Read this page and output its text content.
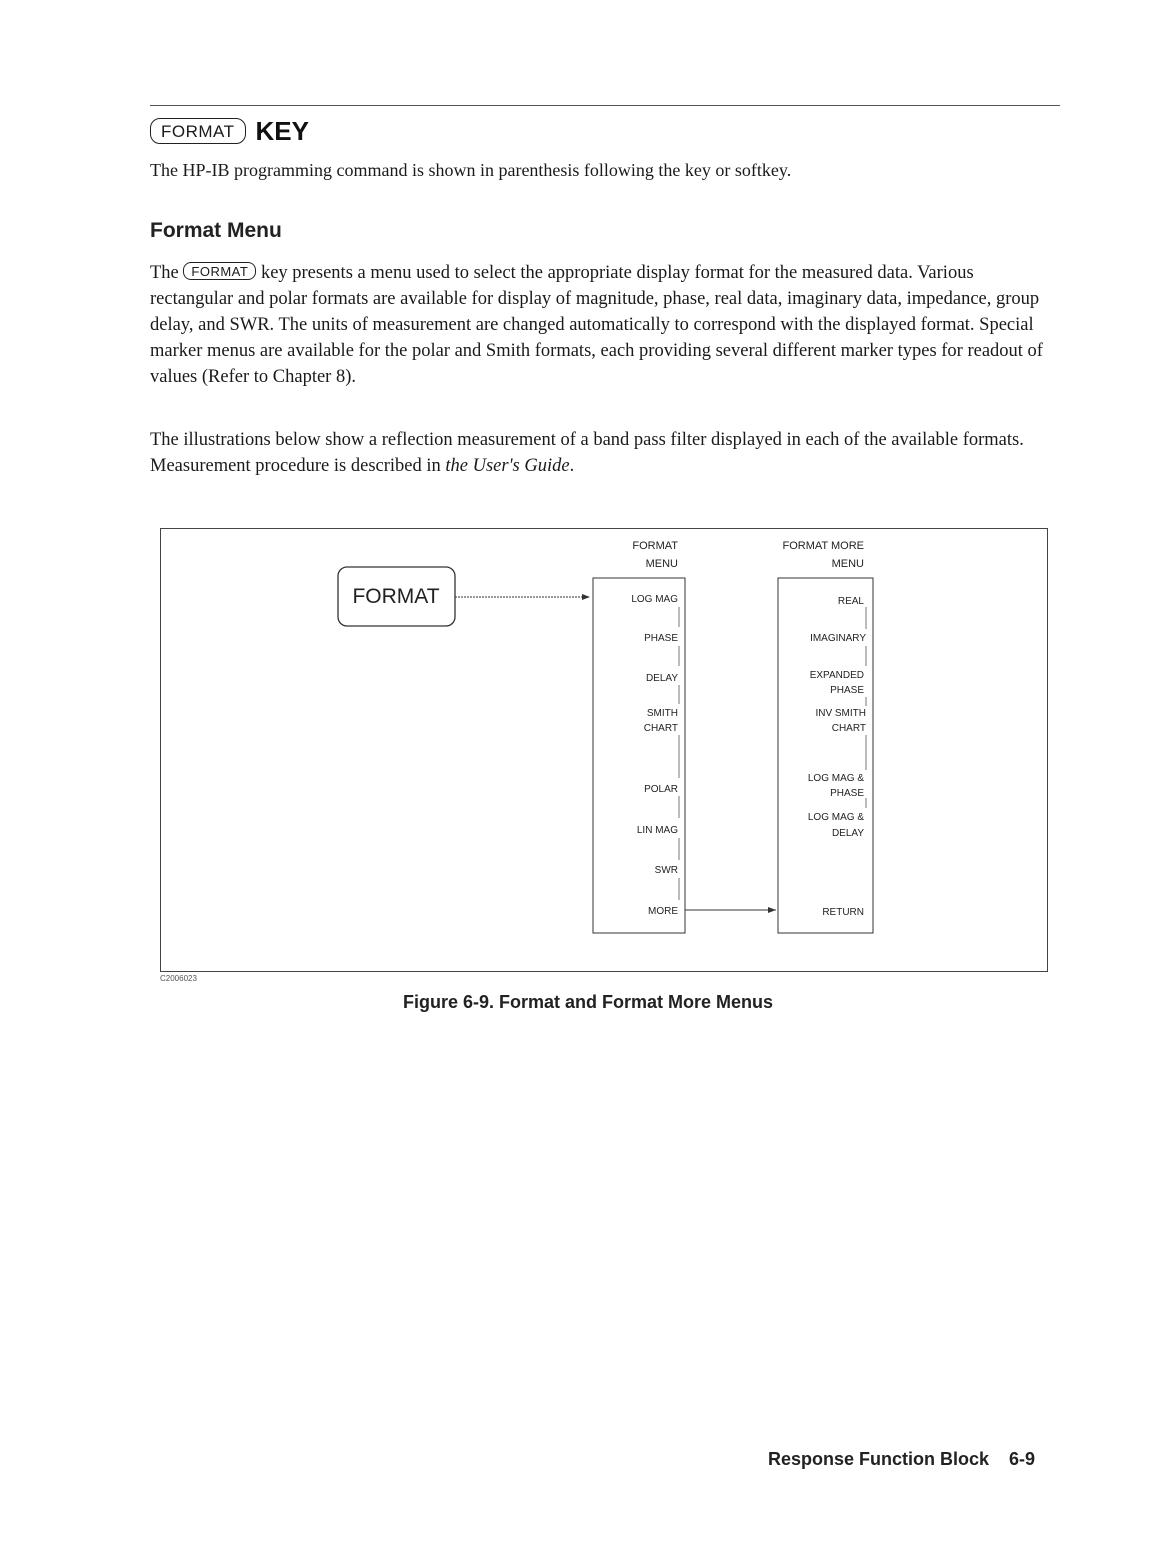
FORMAT KEY
The HP-IB programming command is shown in parenthesis following the key or softkey.
Format Menu

The FORMAT key presents a menu used to select the appropriate display format for the measured data. Various rectangular and polar formats are available for display of magnitude, phase, real data, imaginary data, impedance, group delay, and SWR. The units of measurement are changed automatically to correspond with the displayed format. Special marker menus are available for the polar and Smith formats, each providing several different marker types for readout of values (Refer to Chapter 8).

The illustrations below show a reflection measurement of a band pass filter displayed in each of the available formats. Measurement procedure is described in the User's Guide.

FORMAT
FORMAT
MENU
LOG MAG
PHASE
DELAY
SMITH
CHART
POLAR
LIN MAG
SWR
MORE
FORMAT MORE
MENU
REAL
IMAGINARY
EXPANDED
PHASE
INV SMITH
CHART
LOG MAG &
PHASE
LOG MAG &
DELAY
RETURN
C2006023
Figure 6-9. Format and Format More Menus
Response Function Block 6-9
